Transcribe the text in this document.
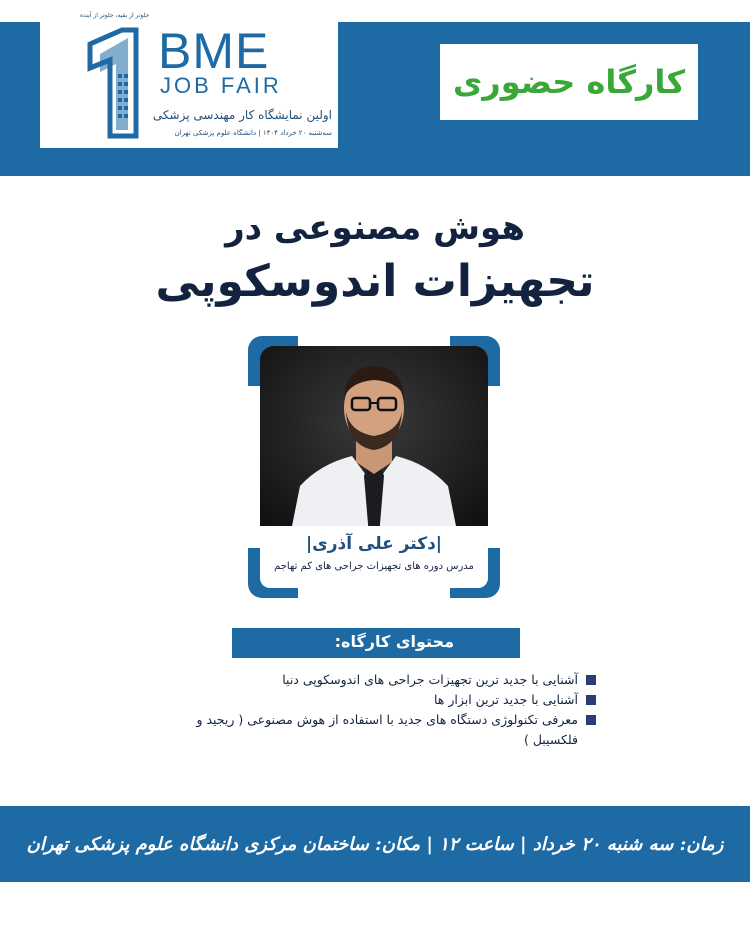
جلوتر از بقیه، جلوتر از آینده
BME
JOB FAIR
اولین نمایشگاه کار مهندسی پزشکی
سه‌شنبه ۲۰ خرداد ۱۴۰۴ | دانشگاه علوم پزشکی تهران
کارگاه حضوری
هوش مصنوعی در
تجهیزات اندوسکوپی
|دکتر علی آذری|
مدرس دوره های تجهیزات جراحی های کم تهاجم
محتوای کارگاه:
آشنایی با جدید ترین تجهیزات جراحی های اندوسکوپی دنیا
آشنایی با جدید ترین ابزار ها
معرفی تکنولوژی دستگاه های جدید با استفاده از هوش مصنوعی ( ریجید و فلکسیبل )
زمان: سه شنبه ۲۰ خرداد | ساعت ۱۲ | مکان: ساختمان مرکزی دانشگاه علوم پزشکی تهران
